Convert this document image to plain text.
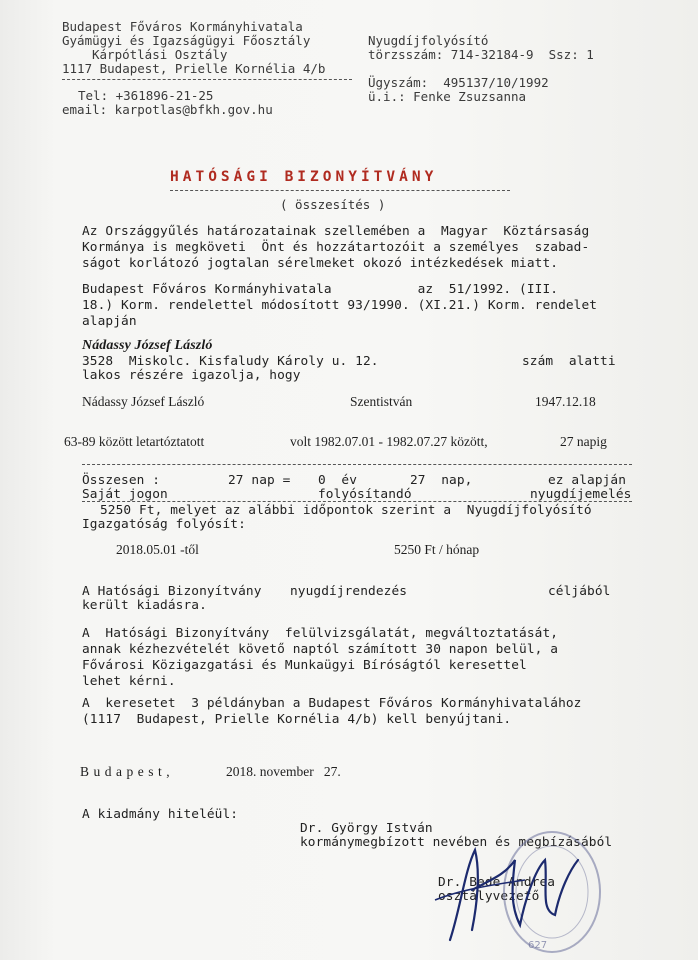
Budapest Főváros Kormányhivatala
Gyámügyi és Igazságügyi Főosztály
Kárpótlási Osztály
1117 Budapest, Prielle Kornélia 4/b
Tel: +361896-21-25
email: karpotlas@bfkh.gov.hu
Nyugdíjfolyósító
törzsszám: 714-32184-9  Ssz: 1
Ügyszám:  495137/10/1992
ü.i.: Fenke Zsuzsanna
HATÓSÁGI BIZONYÍTVÁNY
( összesítés )
Az Országgyűlés határozatainak szellemében a  Magyar  Köztársaság
Kormánya is megköveti  Önt és hozzátartozóit a személyes  szabad-
ságot korlátozó jogtalan sérelmeket okozó intézkedések miatt.
Budapest Főváros Kormányhivatala           az  51/1992. (III.
18.) Korm. rendelettel módosított 93/1990. (XI.21.) Korm. rendelet
alapján
Nádassy József László
3528  Miskolc. Kisfaludy Károly u. 12.	szám  alatti
lakos részére igazolja, hogy
Nádassy József László	Szentistván	1947.12.18
63-89 között letartóztatott	volt 1982.07.01 - 1982.07.27 között,	27 napig
Összesen :	27 nap = 0  év	27  nap,	ez alapján
Saját jogon	folyósítandó	nyugdíjemelés
5250 Ft, melyet az alábbi időpontok szerint a  Nyugdíjfolyósító
Igazgatóság folyósít:
2018.05.01 -től	5250 Ft / hónap
A Hatósági Bizonyítvány nyugdíjrendezés	céljából
került kiadásra.
A  Hatósági Bizonyítvány  felülvizsgálatát, megváltoztatását,
annak kézhezvételét követő naptól számított 30 napon belül, a
Fővárosi Közigazgatási és Munkaügyi Bíróságtól keresettel
lehet kérni.
A  keresetet  3 példányban a Budapest Főváros Kormányhivatalához
(1117  Budapest, Prielle Kornélia 4/b) kell benyújtani.
Budapest,	2018. november   27.
A kiadmány hiteléül:
Dr. György István
kormánymegbízott nevében és megbízásából
Dr. Bede Andrea
osztályvezető
627
